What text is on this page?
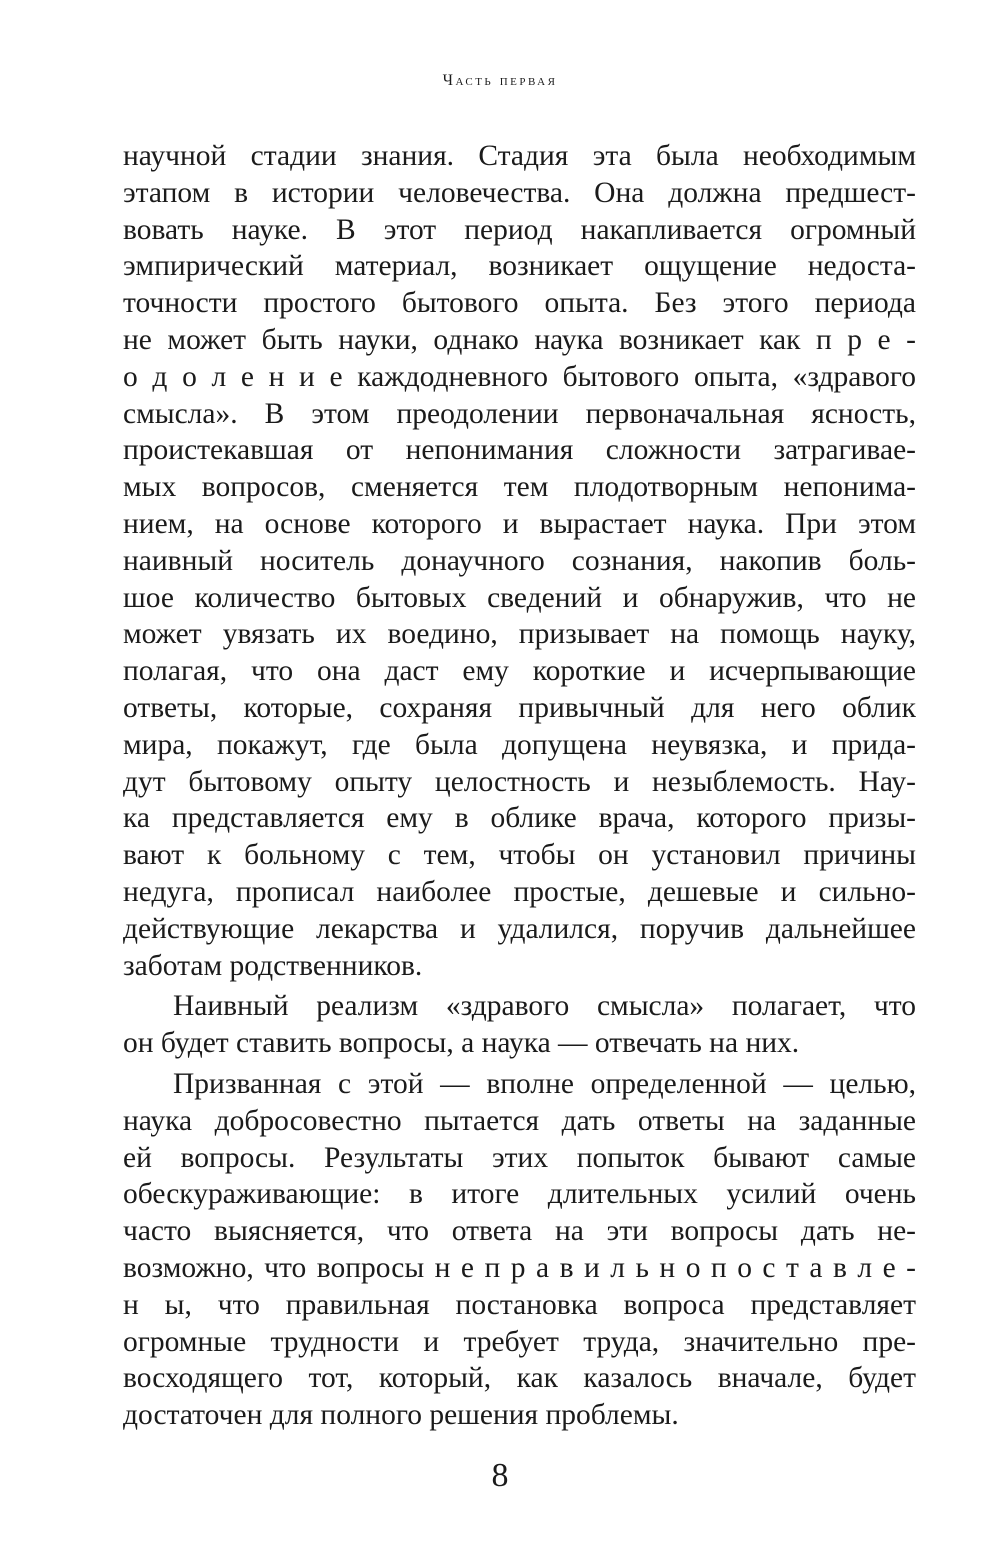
Часть первая
научной стадии знания. Стадия эта была необходимым
этапом в истории человечества. Она должна предшест-
вовать науке. В этот период накапливается огромный
эмпирический материал, возникает ощущение недоста-
точности простого бытового опыта. Без этого периода
не может быть науки, однако наука возникает как п р е -
о д о л е н и е каждодневного бытового опыта, «здравого
смысла». В этом преодолении первоначальная ясность,
проистекавшая от непонимания сложности затрагивае-
мых вопросов, сменяется тем плодотворным непонима-
нием, на основе которого и вырастает наука. При этом
наивный носитель донаучного сознания, накопив боль-
шое количество бытовых сведений и обнаружив, что не
может увязать их воедино, призывает на помощь науку,
полагая, что она даст ему короткие и исчерпывающие
ответы, которые, сохраняя привычный для него облик
мира, покажут, где была допущена неувязка, и прида-
дут бытовому опыту целостность и незыблемость. Нау-
ка представляется ему в облике врача, которого призы-
вают к больному с тем, чтобы он установил причины
недуга, прописал наиболее простые, дешевые и сильно-
действующие лекарства и удалился, поручив дальнейшее
заботам родственников.
Наивный реализм «здравого смысла» полагает, что
он будет ставить вопросы, а наука — отвечать на них.
Призванная с этой — вполне определенной — целью,
наука добросовестно пытается дать ответы на заданные
ей вопросы. Результаты этих попыток бывают самые
обескураживающие: в итоге длительных усилий очень
часто выясняется, что ответа на эти вопросы дать не-
возможно, что вопросы н е п р а в и л ь н о п о с т а в л е -
н ы, что правильная постановка вопроса представляет
огромные трудности и требует труда, значительно пре-
восходящего тот, который, как казалось вначале, будет
достаточен для полного решения проблемы.
8
